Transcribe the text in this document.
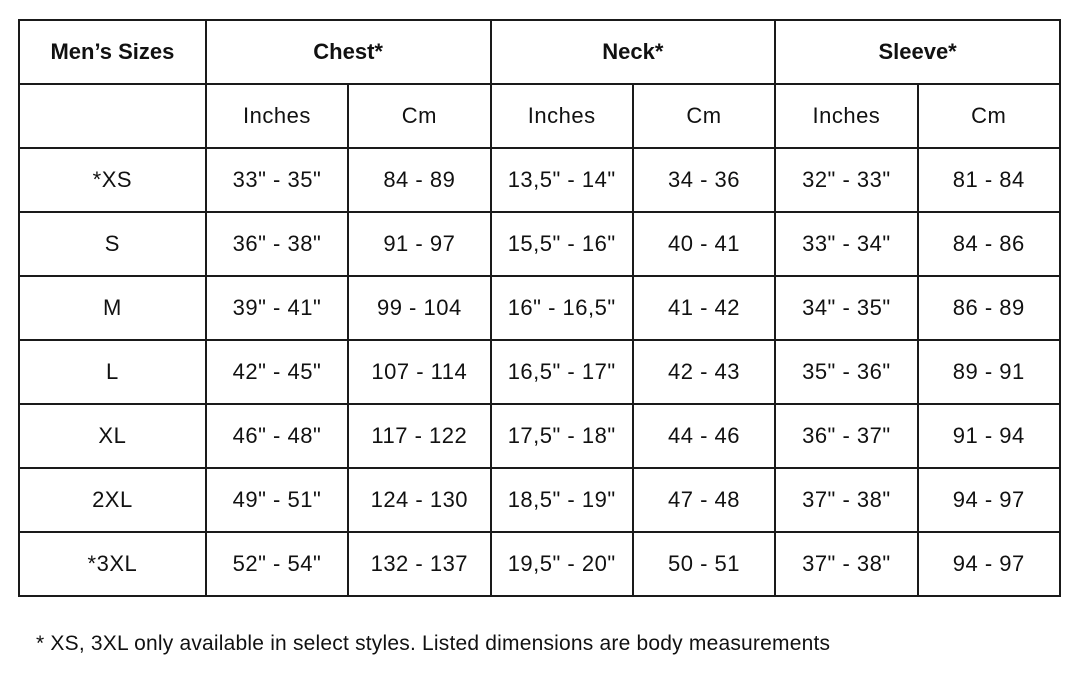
Men’s Sizes	Chest*		Neck*		Sleeve*	
	Inches	Cm	Inches	Cm	Inches	Cm
*XS	33" - 35"	84 - 89	13,5" - 14"	34 - 36	32" - 33"	81 - 84
S	36" - 38"	91 - 97	15,5" - 16"	40 - 41	33" - 34"	84 - 86
M	39" - 41"	99 - 104	16" - 16,5"	41 - 42	34" - 35"	86 - 89
L	42" - 45"	107 - 114	16,5" - 17"	42 - 43	35" - 36"	89 - 91
XL	46" - 48"	117 - 122	17,5" - 18"	44 - 46	36" - 37"	91 - 94
2XL	49" - 51"	124 - 130	18,5" - 19"	47 - 48	37" - 38"	94 - 97
*3XL	52" - 54"	132 - 137	19,5" - 20"	50 - 51	37" - 38"	94 - 97
* XS, 3XL only available in select styles. Listed dimensions are body measurements
